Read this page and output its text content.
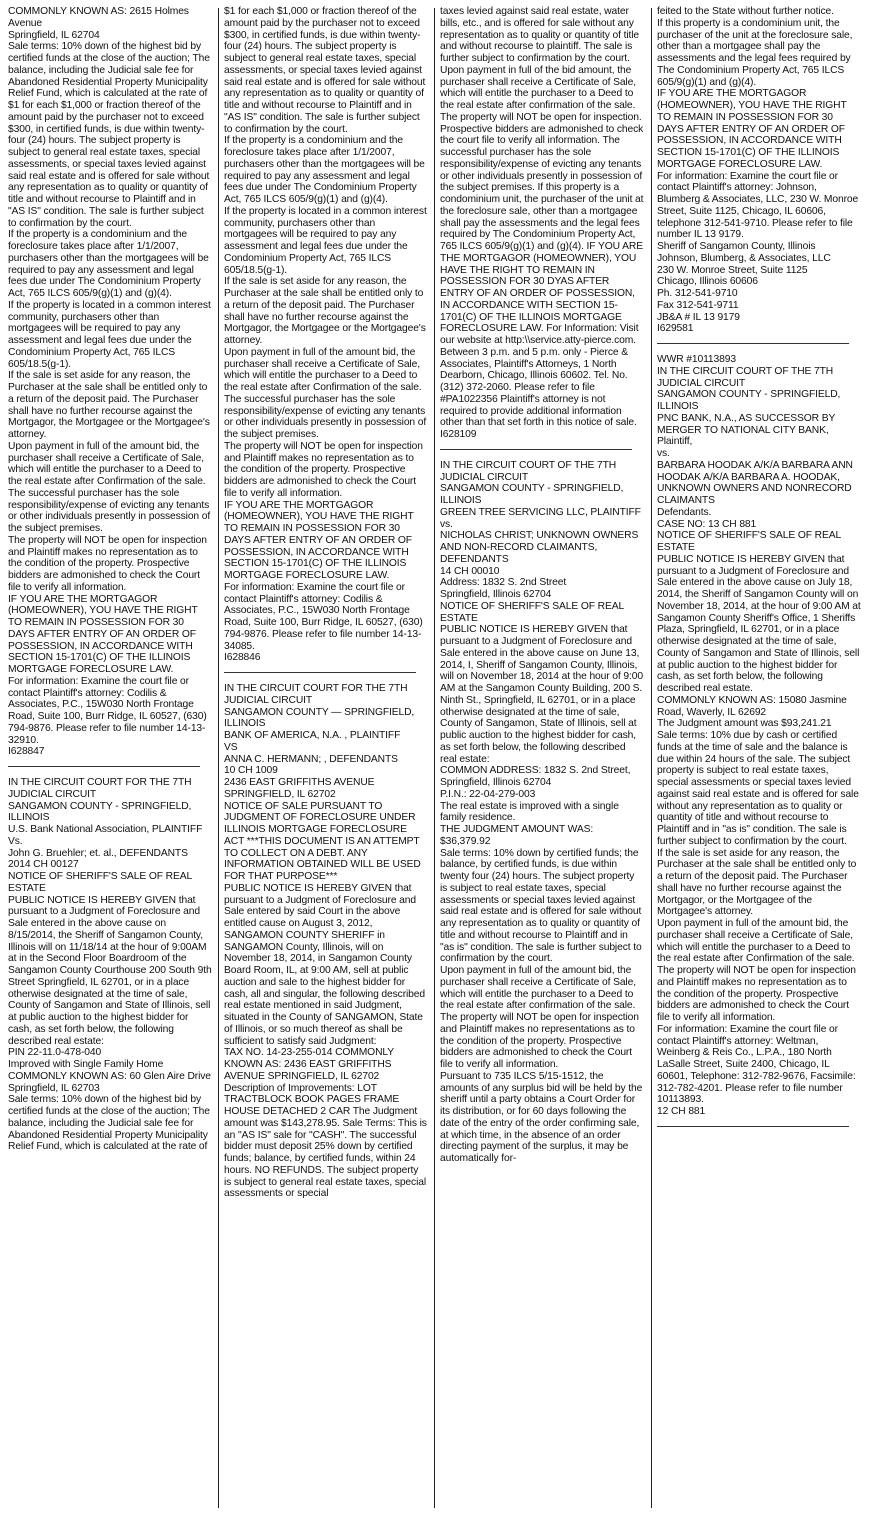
COMMONLY KNOWN AS: 2615 Holmes Avenue
Springfield, IL 62704
Sale terms: 10% down of the highest bid by certified funds at the close of the auction; The balance, including the Judicial sale fee for Abandoned Residential Property Municipality Relief Fund, which is calculated at the rate of $1 for each $1,000 or fraction thereof of the amount paid by the purchaser not to exceed $300, in certified funds, is due within twenty-four (24) hours. The subject property is subject to general real estate taxes, special assessments, or special taxes levied against said real estate and is offered for sale without any representation as to quality or quantity of title and without recourse to Plaintiff and in "AS IS" condition. The sale is further subject to confirmation by the court.
If the property is a condominium and the foreclosure takes place after 1/1/2007, purchasers other than the mortgagees will be required to pay any assessment and legal fees due under The Condominium Property Act, 765 ILCS 605/9(g)(1) and (g)(4).
If the property is located in a common interest community, purchasers other than mortgagees will be required to pay any assessment and legal fees due under the Condominium Property Act, 765 ILCS 605/18.5(g-1).
If the sale is set aside for any reason, the Purchaser at the sale shall be entitled only to a return of the deposit paid. The Purchaser shall have no further recourse against the Mortgagor, the Mortgagee or the Mortgagee's attorney.
Upon payment in full of the amount bid, the purchaser shall receive a Certificate of Sale, which will entitle the purchaser to a Deed to the real estate after Confirmation of the sale. The successful purchaser has the sole responsibility/expense of evicting any tenants or other individuals presently in possession of the subject premises.
The property will NOT be open for inspection and Plaintiff makes no representation as to the condition of the property. Prospective bidders are admonished to check the Court file to verify all information.
IF YOU ARE THE MORTGAGOR (HOMEOWNER), YOU HAVE THE RIGHT TO REMAIN IN POSSESSION FOR 30 DAYS AFTER ENTRY OF AN ORDER OF POSSESSION, IN ACCORDANCE WITH SECTION 15-1701(C) OF THE ILLINOIS MORTGAGE FORECLOSURE LAW.
For information: Examine the court file or contact Plaintiff's attorney: Codilis & Associates, P.C., 15W030 North Frontage Road, Suite 100, Burr Ridge, IL 60527, (630) 794-9876. Please refer to file number 14-13-32910.
I628847

IN THE CIRCUIT COURT FOR THE 7TH JUDICIAL CIRCUIT
SANGAMON COUNTY - SPRINGFIELD, ILLINOIS
U.S. Bank National Association, PLAINTIFF
Vs.
John G. Bruehler; et. al., DEFENDANTS
2014 CH 00127
NOTICE OF SHERIFF'S SALE OF REAL ESTATE
PUBLIC NOTICE IS HEREBY GIVEN that pursuant to a Judgment of Foreclosure and Sale entered in the above cause on 8/15/2014, the Sheriff of Sangamon County, Illinois will on 11/18/14 at the hour of 9:00AM at in the Second Floor Boardroom of the Sangamon County Courthouse 200 South 9th Street Springfield, IL 62701, or in a place otherwise designated at the time of sale, County of Sangamon and State of Illinois, sell at public auction to the highest bidder for cash, as set forth below, the following described real estate:
PIN 22-11.0-478-040
Improved with Single Family Home
COMMONLY KNOWN AS: 60 Glen Aire Drive
Springfield, IL 62703
Sale terms: 10% down of the highest bid by certified funds at the close of the auction; The balance, including the Judicial sale fee for Abandoned Residential Property Municipality Relief Fund, which is calculated at the rate of

$1 for each $1,000 or fraction thereof of the amount paid by the purchaser not to exceed $300, in certified funds, is due within twenty-four (24) hours. The subject property is subject to general real estate taxes, special assessments, or special taxes levied against said real estate and is offered for sale without any representation as to quality or quantity of title and without recourse to Plaintiff and in "AS IS" condition. The sale is further subject to confirmation by the court.
If the property is a condominium and the foreclosure takes place after 1/1/2007, purchasers other than the mortgagees will be required to pay any assessment and legal fees due under The Condominium Property Act, 765 ILCS 605/9(g)(1) and (g)(4).
If the property is located in a common interest community, purchasers other than mortgagees will be required to pay any assessment and legal fees due under the Condominium Property Act, 765 ILCS 605/18.5(g-1).
If the sale is set aside for any reason, the Purchaser at the sale shall be entitled only to a return of the deposit paid. The Purchaser shall have no further recourse against the Mortgagor, the Mortgagee or the Mortgagee's attorney.
Upon payment in full of the amount bid, the purchaser shall receive a Certificate of Sale, which will entitle the purchaser to a Deed to the real estate after Confirmation of the sale. The successful purchaser has the sole responsibility/expense of evicting any tenants or other individuals presently in possession of the subject premises.
The property will NOT be open for inspection and Plaintiff makes no representation as to the condition of the property. Prospective bidders are admonished to check the Court file to verify all information.
IF YOU ARE THE MORTGAGOR (HOMEOWNER), YOU HAVE THE RIGHT TO REMAIN IN POSSESSION FOR 30 DAYS AFTER ENTRY OF AN ORDER OF POSSESSION, IN ACCORDANCE WITH SECTION 15-1701(C) OF THE ILLINOIS MORTGAGE FORECLOSURE LAW.
For information: Examine the court file or contact Plaintiff's attorney: Codilis & Associates, P.C., 15W030 North Frontage Road, Suite 100, Burr Ridge, IL 60527, (630) 794-9876. Please refer to file number 14-13-34085.
I628846

IN THE CIRCUIT COURT FOR THE 7TH JUDICIAL CIRCUIT
SANGAMON COUNTY — SPRINGFIELD, ILLINOIS
BANK OF AMERICA, N.A. , PLAINTIFF
VS
ANNA C. HERMANN; , DEFENDANTS
10 CH 1009
2436 EAST GRIFFITHS AVENUE SPRINGFIELD, IL 62702
NOTICE OF SALE PURSUANT TO JUDGMENT OF FORECLOSURE UNDER ILLINOIS MORTGAGE FORECLOSURE ACT ***THIS DOCUMENT IS AN ATTEMPT TO COLLECT ON A DEBT. ANY INFORMATION OBTAINED WILL BE USED FOR THAT PURPOSE***
PUBLIC NOTICE IS HEREBY GIVEN that pursuant to a Judgment of Foreclosure and Sale entered by said Court in the above entitled cause on August 3, 2012, SANGAMON COUNTY SHERIFF in SANGAMON County, Illinois, will on November 18, 2014, in Sangamon County Board Room, IL, at 9:00 AM, sell at public auction and sale to the highest bidder for cash, all and singular, the following described real estate mentioned in said Judgment, situated in the County of SANGAMON, State of Illinois, or so much thereof as shall be sufficient to satisfy said Judgment:
TAX NO. 14-23-255-014 COMMONLY KNOWN AS: 2436 EAST GRIFFITHS AVENUE SPRINGFIELD, IL 62702 Description of Improvements: LOT TRACTBLOCK BOOK PAGES FRAME HOUSE DETACHED 2 CAR The Judgment amount was $143,278.95. Sale Terms: This is an "AS IS" sale for "CASH". The successful bidder must deposit 25% down by certified funds; balance, by certified funds, within 24 hours. NO REFUNDS. The subject property is subject to general real estate taxes, special assessments or special

taxes levied against said real estate, water bills, etc., and is offered for sale without any representation as to quality or quantity of title and without recourse to plaintiff. The sale is further subject to confirmation by the court. Upon payment in full of the bid amount, the purchaser shall receive a Certificate of Sale, which will entitle the purchaser to a Deed to the real estate after confirmation of the sale. The property will NOT be open for inspection. Prospective bidders are admonished to check the court file to verify all information. The successful purchaser has the sole responsibility/expense of evicting any tenants or other individuals presently in possession of the subject premises. If this property is a condominium unit, the purchaser of the unit at the foreclosure sale, other than a mortgagee shall pay the assessments and the legal fees required by The Condominium Property Act, 765 ILCS 605/9(g)(1) and (g)(4). IF YOU ARE THE MORTGAGOR (HOMEOWNER), YOU HAVE THE RIGHT TO REMAIN IN POSSESSION FOR 30 DYAS AFTER ENTRY OF AN ORDER OF POSSESSION, IN ACCORDANCE WITH SECTION 15-1701(C) OF THE ILLINOIS MORTGAGE FORECLOSURE LAW. For Information: Visit our website at http:\\service.atty-pierce.com. Between 3 p.m. and 5 p.m. only - Pierce & Associates, Plaintiff's Attorneys, 1 North Dearborn, Chicago, Illinois 60602. Tel. No. (312) 372-2060. Please refer to file #PA1022356 Plaintiff's attorney is not required to provide additional information other than that set forth in this notice of sale.
I628109

IN THE CIRCUIT COURT OF THE 7TH JUDICIAL CIRCUIT
SANGAMON COUNTY - SPRINGFIELD, ILLINOIS
GREEN TREE SERVICING LLC, PLAINTIFF
vs.
NICHOLAS CHRIST; UNKNOWN OWNERS AND NON-RECORD CLAIMANTS, DEFENDANTS
14 CH 00010
Address: 1832 S. 2nd Street
Springfield, Illinois 62704
NOTICE OF SHERIFF'S SALE OF REAL ESTATE
PUBLIC NOTICE IS HEREBY GIVEN that pursuant to a Judgment of Foreclosure and Sale entered in the above cause on June 13, 2014, I, Sheriff of Sangamon County, Illinois, will on November 18, 2014 at the hour of 9:00 AM at the Sangamon County Building, 200 S. Ninth St., Springfield, IL 62701, or in a place otherwise designated at the time of sale, County of Sangamon, State of Illinois, sell at public auction to the highest bidder for cash, as set forth below, the following described real estate:
COMMON ADDRESS: 1832 S. 2nd Street, Springfield, Illinois 62704
P.I.N.: 22-04-279-003
The real estate is improved with a single family residence.
THE JUDGMENT AMOUNT WAS:
$36,379.92
Sale terms: 10% down by certified funds; the balance, by certified funds, is due within twenty four (24) hours. The subject property is subject to real estate taxes, special assessments or special taxes levied against said real estate and is offered for sale without any representation as to quality or quantity of title and without recourse to Plaintiff and in "as is" condition. The sale is further subject to confirmation by the court.
Upon payment in full of the amount bid, the purchaser shall receive a Certificate of Sale, which will entitle the purchaser to a Deed to the real estate after confirmation of the sale. The property will NOT be open for inspection and Plaintiff makes no representations as to the condition of the property. Prospective bidders are admonished to check the Court file to verify all information.
Pursuant to 735 ILCS 5/15-1512, the amounts of any surplus bid will be held by the sheriff until a party obtains a Court Order for its distribution, or for 60 days following the date of the entry of the order confirming sale, at which time, in the absence of an order directing payment of the surplus, it may be automatically for-

feited to the State without further notice.
If this property is a condominium unit, the purchaser of the unit at the foreclosure sale, other than a mortgagee shall pay the assessments and the legal fees required by The Condominium Property Act, 765 ILCS 605/9(g)(1) and (g)(4).
IF YOU ARE THE MORTGAGOR (HOMEOWNER), YOU HAVE THE RIGHT TO REMAIN IN POSSESSION FOR 30 DAYS AFTER ENTRY OF AN ORDER OF POSSESSION, IN ACCORDANCE WITH SECTION 15-1701(C) OF THE ILLINOIS MORTGAGE FORECLOSURE LAW.
For information: Examine the court file or contact Plaintiff's attorney: Johnson, Blumberg & Associates, LLC, 230 W. Monroe Street, Suite 1125, Chicago, IL 60606, telephone 312-541-9710. Please refer to file number IL 13 9179.
Sheriff of Sangamon County, Illinois
Johnson, Blumberg, & Associates, LLC
230 W. Monroe Street, Suite 1125
Chicago, Illinois 60606
Ph. 312-541-9710
Fax 312-541-9711
JB&A # IL 13 9179
I629581

WWR #10113893
IN THE CIRCUIT COURT OF THE 7TH JUDICIAL CIRCUIT
SANGAMON COUNTY - SPRINGFIELD, ILLINOIS
PNC BANK, N.A., AS SUCCESSOR BY MERGER TO NATIONAL CITY BANK, Plaintiff,
vs.
BARBARA HOODAK A/K/A BARBARA ANN HOODAK A/K/A BARBARA A. HOODAK, UNKNOWN OWNERS AND NONRECORD CLAIMANTS
Defendants.
CASE NO: 13 CH 881
NOTICE OF SHERIFF'S SALE OF REAL ESTATE
PUBLIC NOTICE IS HEREBY GIVEN that pursuant to a Judgment of Foreclosure and Sale entered in the above cause on July 18, 2014, the Sheriff of Sangamon County will on November 18, 2014, at the hour of 9:00 AM at Sangamon County Sheriff's Office, 1 Sheriffs Plaza, Springfield, IL 62701, or in a place otherwise designated at the time of sale, County of Sangamon and State of Illinois, sell at public auction to the highest bidder for cash, as set forth below, the following described real estate.
COMMONLY KNOWN AS: 15080 Jasmine Road, Waverly, IL 62692
The Judgment amount was $93,241.21
Sale terms: 10% due by cash or certified funds at the time of sale and the balance is due within 24 hours of the sale. The subject property is subject to real estate taxes, special assessments or special taxes levied against said real estate and is offered for sale without any representation as to quality or quantity of title and without recourse to Plaintiff and in "as is" condition. The sale is further subject to confirmation by the court.
If the sale is set aside for any reason, the Purchaser at the sale shall be entitled only to a return of the deposit paid. The Purchaser shall have no further recourse against the Mortgagor, or the Mortgagee of the Mortgagee's attorney.
Upon payment in full of the amount bid, the purchaser shall receive a Certificate of Sale, which will entitle the purchaser to a Deed to the real estate after Confirmation of the sale.
The property will NOT be open for inspection and Plaintiff makes no representation as to the condition of the property. Prospective bidders are admonished to check the Court file to verify all information.
For information: Examine the court file or contact Plaintiff's attorney: Weltman, Weinberg & Reis Co., L.P.A., 180 North LaSalle Street, Suite 2400, Chicago, IL 60601, Telephone: 312-782-9676, Facsimile: 312-782-4201. Please refer to file number 10113893.
12 CH 881
